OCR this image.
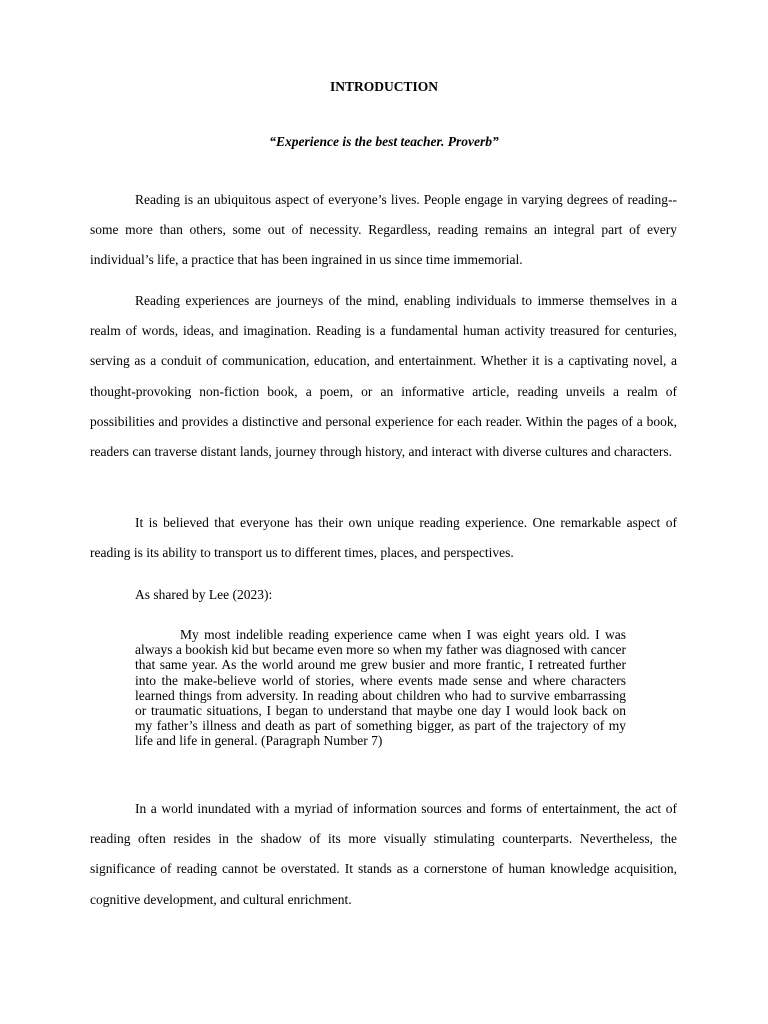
INTRODUCTION
“Experience is the best teacher. Proverb”

Reading is an ubiquitous aspect of everyone’s lives. People engage in varying degrees of reading--some more than others, some out of necessity. Regardless, reading remains an integral part of every individual’s life, a practice that has been ingrained in us since time immemorial.

Reading experiences are journeys of the mind, enabling individuals to immerse themselves in a realm of words, ideas, and imagination. Reading is a fundamental human activity treasured for centuries, serving as a conduit of communication, education, and entertainment. Whether it is a captivating novel, a thought-provoking non-fiction book, a poem, or an informative article, reading unveils a realm of possibilities and provides a distinctive and personal experience for each reader. Within the pages of a book, readers can traverse distant lands, journey through history, and interact with diverse cultures and characters.

It is believed that everyone has their own unique reading experience. One remarkable aspect of reading is its ability to transport us to different times, places, and perspectives.

As shared by Lee (2023):

My most indelible reading experience came when I was eight years old. I was always a bookish kid but became even more so when my father was diagnosed with cancer that same year. As the world around me grew busier and more frantic, I retreated further into the make-believe world of stories, where events made sense and where characters learned things from adversity. In reading about children who had to survive embarrassing or traumatic situations, I began to understand that maybe one day I would look back on my father’s illness and death as part of something bigger, as part of the trajectory of my life and life in general. (Paragraph Number 7)

In a world inundated with a myriad of information sources and forms of entertainment, the act of reading often resides in the shadow of its more visually stimulating counterparts. Nevertheless, the significance of reading cannot be overstated. It stands as a cornerstone of human knowledge acquisition, cognitive development, and cultural enrichment.
